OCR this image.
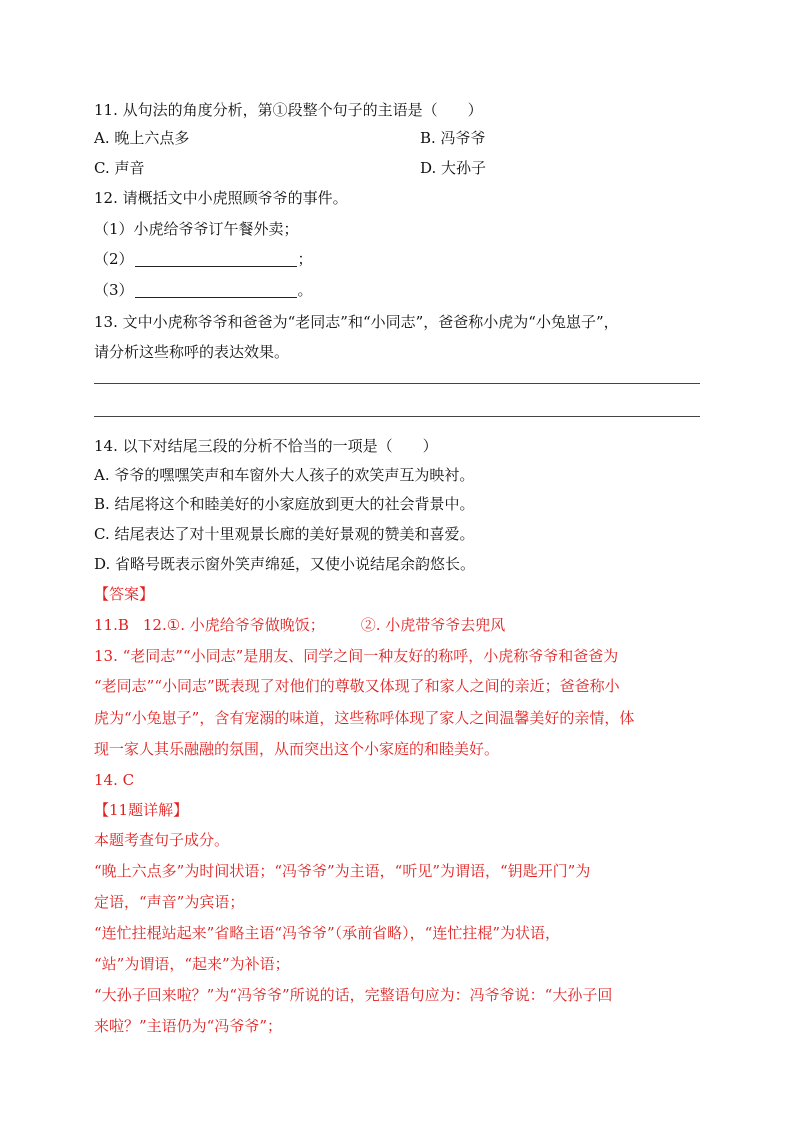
11. 从句法的角度分析，第①段整个句子的主语是（　　）
A. 晚上六点多	B. 冯爷爷
C. 声音	D. 大孙子
12. 请概括文中小虎照顾爷爷的事件。
（1）小虎给爷爷订午餐外卖；
（2）	；
（3）	。
13. 文中小虎称爷爷和爸爸为“老同志”和“小同志”，爸爸称小虎为“小兔崽子”，
请分析这些称呼的表达效果。
14. 以下对结尾三段的分析不恰当的一项是（　　）
A. 爷爷的嘿嘿笑声和车窗外大人孩子的欢笑声互为映衬。
B. 结尾将这个和睦美好的小家庭放到更大的社会背景中。
C. 结尾表达了对十里观景长廊的美好景观的赞美和喜爱。
D. 省略号既表示窗外笑声绵延，又使小说结尾余韵悠长。
【答案】
11.B 12.①. 小虎给爷爷做晚饭； ②. 小虎带爷爷去兜风
13. “老同志”“小同志”是朋友、同学之间一种友好的称呼，小虎称爷爷和爸爸为
“老同志”“小同志”既表现了对他们的尊敬又体现了和家人之间的亲近；爸爸称小
虎为“小兔崽子”，含有宠溺的味道，这些称呼体现了家人之间温馨美好的亲情，体
现一家人其乐融融的氛围，从而突出这个小家庭的和睦美好。
14. C
【11题详解】
本题考查句子成分。
“晚上六点多”为时间状语；“冯爷爷”为主语，“听见”为谓语，“钥匙开门”为
定语，“声音”为宾语；
“连忙拄棍站起来”省略主语“冯爷爷”（承前省略），“连忙拄棍”为状语，
“站”为谓语，“起来”为补语；
“大孙子回来啦？”为“冯爷爷”所说的话，完整语句应为：冯爷爷说：“大孙子回
来啦？”主语仍为“冯爷爷”；
